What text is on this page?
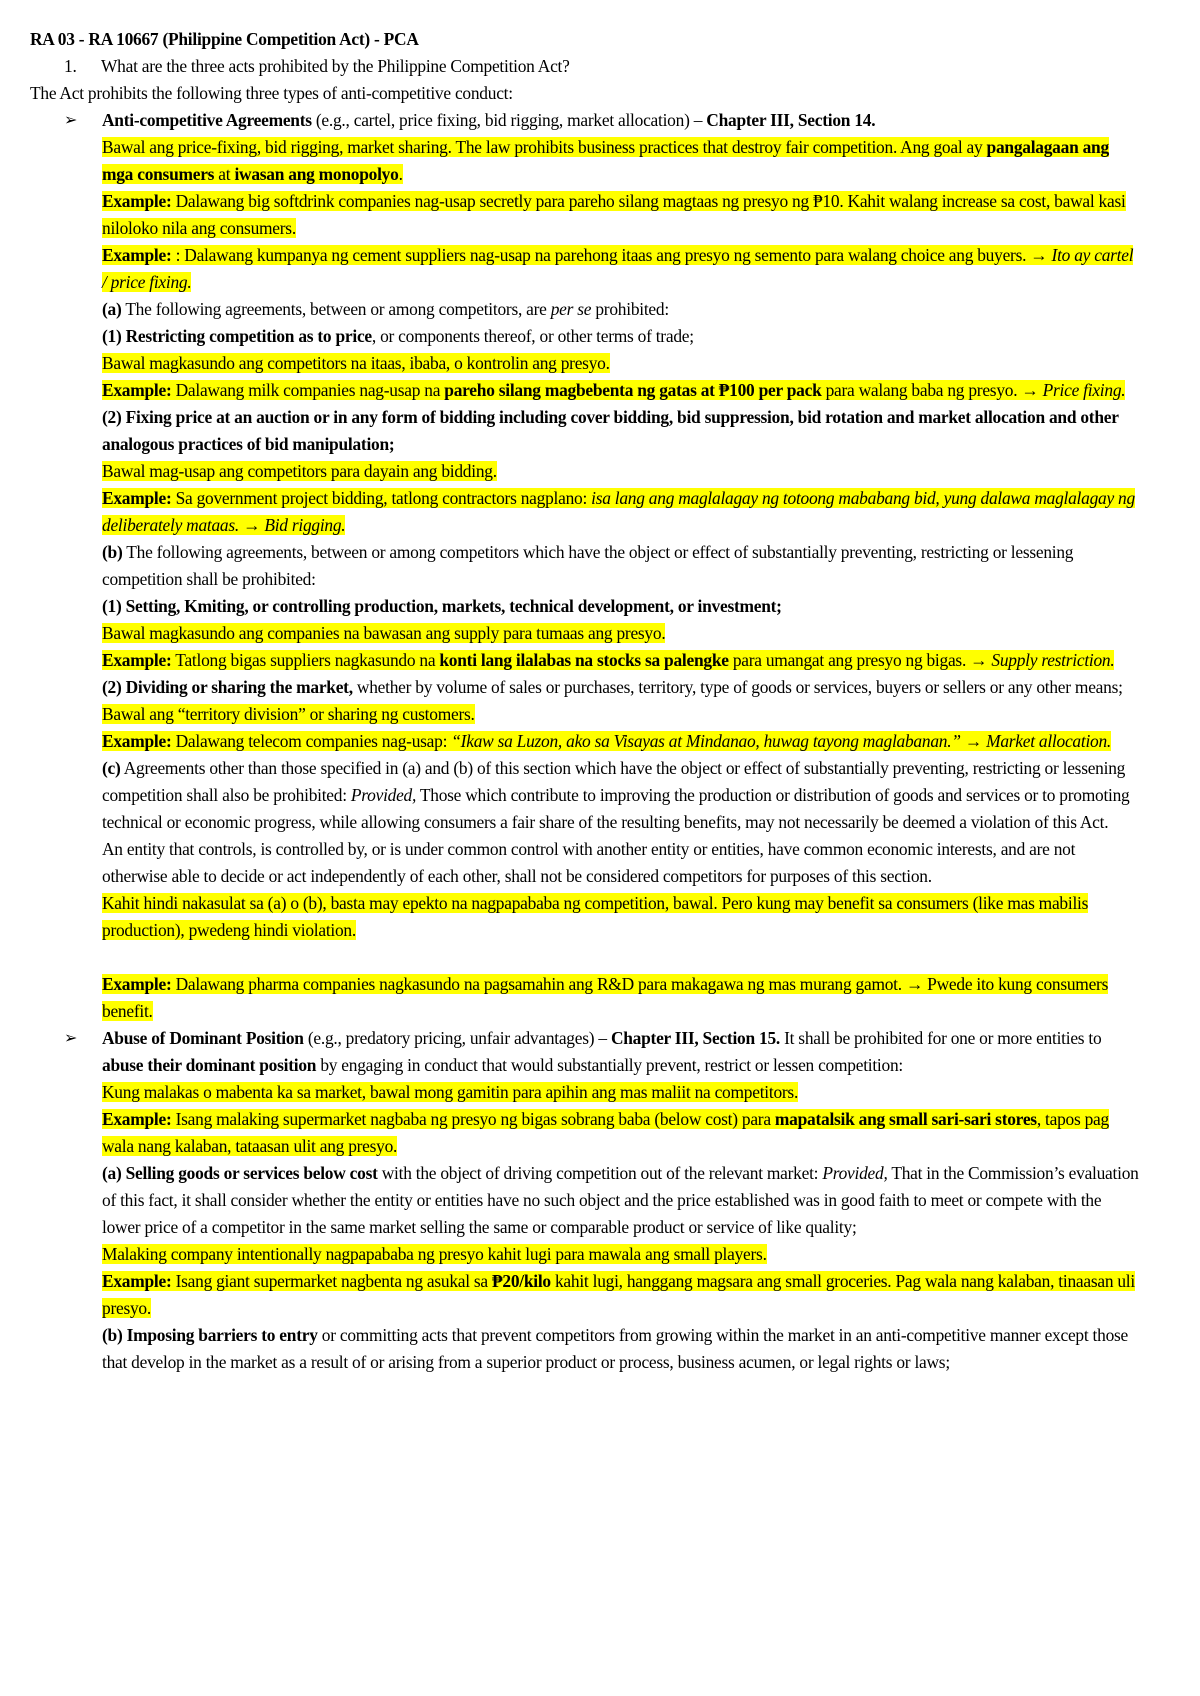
RA 03 - RA 10667 (Philippine Competition Act) - PCA

1. What are the three acts prohibited by the Philippine Competition Act?

The Act prohibits the following three types of anti-competitive conduct:

➢ Anti-competitive Agreements (e.g., cartel, price fixing, bid rigging, market allocation) – Chapter III, Section 14.

Bawal ang price-fixing, bid rigging, market sharing. The law prohibits business practices that destroy fair competition. Ang goal ay pangalagaan ang mga consumers at iwasan ang monopolyo.

Example: Dalawang big softdrink companies nag-usap secretly para pareho silang magtaas ng presyo ng ₱10. Kahit walang increase sa cost, bawal kasi niloloko nila ang consumers.

Example: : Dalawang kumpanya ng cement suppliers nag-usap na parehong itaas ang presyo ng semento para walang choice ang buyers. → Ito ay cartel / price fixing.

(a) The following agreements, between or among competitors, are per se prohibited:

(1) Restricting competition as to price, or components thereof, or other terms of trade;

Bawal magkasundo ang competitors na itaas, ibaba, o kontrolin ang presyo.

Example: Dalawang milk companies nag-usap na pareho silang magbebenta ng gatas at ₱100 per pack para walang baba ng presyo. → Price fixing.

(2) Fixing price at an auction or in any form of bidding including cover bidding, bid suppression, bid rotation and market allocation and other analogous practices of bid manipulation;

Bawal mag-usap ang competitors para dayain ang bidding.

Example: Sa government project bidding, tatlong contractors nagplano: isa lang ang maglalagay ng totoong mababang bid, yung dalawa maglalagay ng deliberately mataas. → Bid rigging.

(b) The following agreements, between or among competitors which have the object or effect of substantially preventing, restricting or lessening competition shall be prohibited:

(1) Setting, Kmiting, or controlling production, markets, technical development, or investment;

Bawal magkasundo ang companies na bawasan ang supply para tumaas ang presyo.

Example: Tatlong bigas suppliers nagkasundo na konti lang ilalabas na stocks sa palengke para umangat ang presyo ng bigas. → Supply restriction.

(2) Dividing or sharing the market, whether by volume of sales or purchases, territory, type of goods or services, buyers or sellers or any other means;

Bawal ang “territory division” or sharing ng customers.

Example: Dalawang telecom companies nag-usap: “Ikaw sa Luzon, ako sa Visayas at Mindanao, huwag tayong maglabanan.” → Market allocation.

(c) Agreements other than those specified in (a) and (b) of this section which have the object or effect of substantially preventing, restricting or lessening competition shall also be prohibited: Provided, Those which contribute to improving the production or distribution of goods and services or to promoting technical or economic progress, while allowing consumers a fair share of the resulting benefits, may not necessarily be deemed a violation of this Act.

An entity that controls, is controlled by, or is under common control with another entity or entities, have common economic interests, and are not otherwise able to decide or act independently of each other, shall not be considered competitors for purposes of this section.

Kahit hindi nakasulat sa (a) o (b), basta may epekto na nagpapababa ng competition, bawal. Pero kung may benefit sa consumers (like mas mabilis production), pwedeng hindi violation.

Example: Dalawang pharma companies nagkasundo na pagsamahin ang R&D para makagawa ng mas murang gamot. → Pwede ito kung consumers benefit.

➢ Abuse of Dominant Position (e.g., predatory pricing, unfair advantages) – Chapter III, Section 15. It shall be prohibited for one or more entities to abuse their dominant position by engaging in conduct that would substantially prevent, restrict or lessen competition:

Kung malakas o mabenta ka sa market, bawal mong gamitin para apihin ang mas maliit na competitors.

Example: Isang malaking supermarket nagbaba ng presyo ng bigas sobrang baba (below cost) para mapatalsik ang small sari-sari stores, tapos pag wala nang kalaban, tataasan ulit ang presyo.

(a) Selling goods or services below cost with the object of driving competition out of the relevant market: Provided, That in the Commission’s evaluation of this fact, it shall consider whether the entity or entities have no such object and the price established was in good faith to meet or compete with the lower price of a competitor in the same market selling the same or comparable product or service of like quality;

Malaking company intentionally nagpapababa ng presyo kahit lugi para mawala ang small players.

Example: Isang giant supermarket nagbenta ng asukal sa ₱20/kilo kahit lugi, hanggang magsara ang small groceries. Pag wala nang kalaban, tinaasan uli presyo.

(b) Imposing barriers to entry or committing acts that prevent competitors from growing within the market in an anti-competitive manner except those that develop in the market as a result of or arising from a superior product or process, business acumen, or legal rights or laws;
